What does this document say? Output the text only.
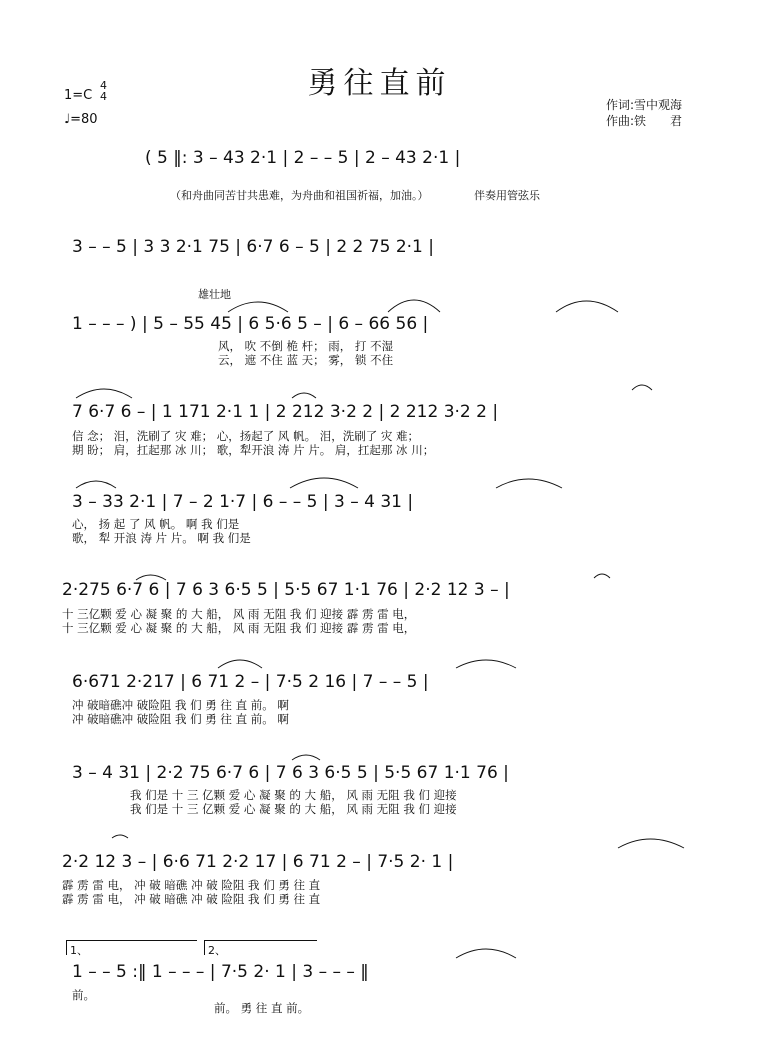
勇往直前
1=C
4
4
♩=80
作词:雪中观海
作曲:铁　　君
（和舟曲同苦甘共患难，为舟曲和祖国祈福，加油。）	伴奏用管弦乐
雄壮地
( 5 ‖: 3 – 43 2·1 | 2 – – 5 | 2 – 43 2·1 |
3 – – 5 | 3 3 2·1 75 | 6·7 6 – 5 | 2 2 75 2·1 |
1 – – – ) | 5 – 55 45 | 6 5·6 5 – | 6 – 66 56 |
风， 吹 不倒 桅 杆； 雨， 打 不湿
云， 遮 不住 蓝 天； 雾， 锁 不住
7 6·7 6 – | 1 171 2·1 1 | 2 212 3·2 2 | 2 212 3·2 2 |
信 念； 泪，洗刷了 灾 难； 心，扬起了 风 帆。 泪，洗刷了 灾 难；
期 盼； 肩，扛起那 冰 川； 歌，犁开浪 涛 片 片。 肩，扛起那 冰 川；
3 – 33 2·1 | 7 – 2 1·7 | 6 – – 5 | 3 – 4 31 |
心， 扬 起 了 风 帆。 啊 我 们是
歌， 犁 开浪 涛 片 片。 啊 我 们是
2·275 6·7 6 | 7 6 3 6·5 5 | 5·5 67 1·1 76 | 2·2 12 3 – |
十 三亿颗 爱 心 凝 聚 的 大 船， 风 雨 无阻 我 们 迎接 霹 雳 雷 电，
十 三亿颗 爱 心 凝 聚 的 大 船， 风 雨 无阻 我 们 迎接 霹 雳 雷 电，
6·671 2·217 | 6 71 2 – | 7·5 2 16 | 7 – – 5 |
冲 破暗礁冲 破险阻 我 们 勇 往 直 前。 啊
冲 破暗礁冲 破险阻 我 们 勇 往 直 前。 啊
3 – 4 31 | 2·2 75 6·7 6 | 7 6 3 6·5 5 | 5·5 67 1·1 76 |
我 们是 十 三 亿颗 爱 心 凝 聚 的 大 船， 风 雨 无阻 我 们 迎接
我 们是 十 三 亿颗 爱 心 凝 聚 的 大 船， 风 雨 无阻 我 们 迎接
2·2 12 3 – | 6·6 71 2·2 17 | 6 71 2 – | 7·5 2· 1 |
霹 雳 雷 电， 冲 破 暗礁 冲 破 险阻 我 们 勇 往 直
霹 雳 雷 电， 冲 破 暗礁 冲 破 险阻 我 们 勇 往 直
1、	2、
1 – – 5 :‖ 1 – – – | 7·5 2· 1 | 3 – – – ‖
前。
前。 勇 往 直 前。
